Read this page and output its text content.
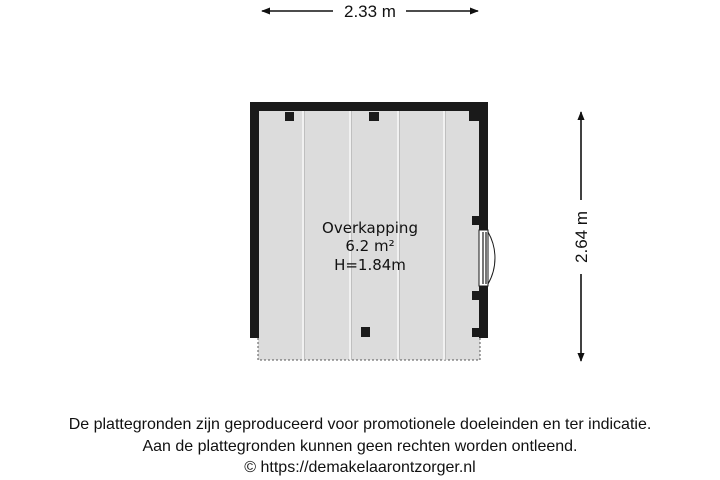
2.33 m
2.64 m
Overkapping
6.2 m²
H=1.84m
De plattegronden zijn geproduceerd voor promotionele doeleinden en ter indicatie.
Aan de plattegronden kunnen geen rechten worden ontleend.
© https://demakelaarontzorger.nl
